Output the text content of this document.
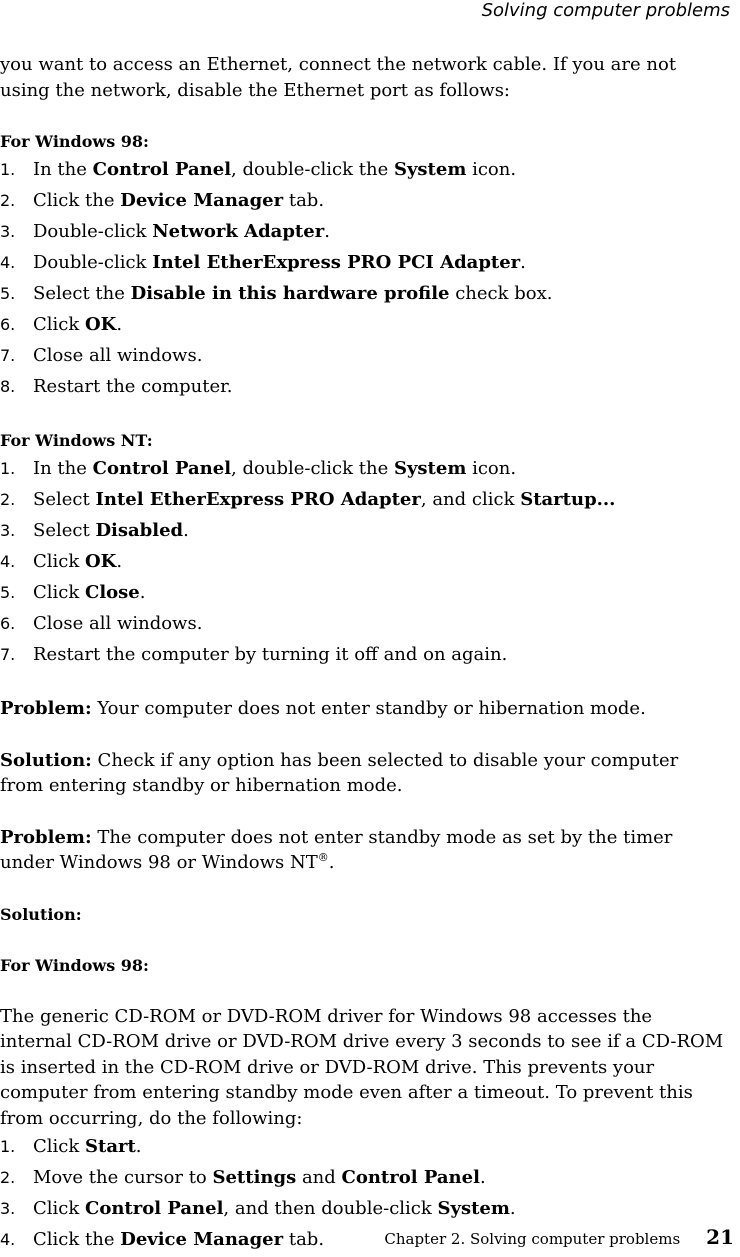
Solving computer problems

you want to access an Ethernet, connect the network cable. If you are not using the network, disable the Ethernet port as follows:

For Windows 98:

1. In the Control Panel, double-click the System icon.
2. Click the Device Manager tab.
3. Double-click Network Adapter.
4. Double-click Intel EtherExpress PRO PCI Adapter.
5. Select the Disable in this hardware profile check box.
6. Click OK.
7. Close all windows.
8. Restart the computer.

For Windows NT:

1. In the Control Panel, double-click the System icon.
2. Select Intel EtherExpress PRO Adapter, and click Startup...
3. Select Disabled.
4. Click OK.
5. Click Close.
6. Close all windows.
7. Restart the computer by turning it off and on again.

Problem: Your computer does not enter standby or hibernation mode.

Solution: Check if any option has been selected to disable your computer from entering standby or hibernation mode.

Problem: The computer does not enter standby mode as set by the timer under Windows 98 or Windows NT®.

Solution:

For Windows 98:

The generic CD-ROM or DVD-ROM driver for Windows 98 accesses the internal CD-ROM drive or DVD-ROM drive every 3 seconds to see if a CD-ROM is inserted in the CD-ROM drive or DVD-ROM drive. This prevents your computer from entering standby mode even after a timeout. To prevent this from occurring, do the following:

1. Click Start.
2. Move the cursor to Settings and Control Panel.
3. Click Control Panel, and then double-click System.
4. Click the Device Manager tab.	Chapter 2. Solving computer problems 21
